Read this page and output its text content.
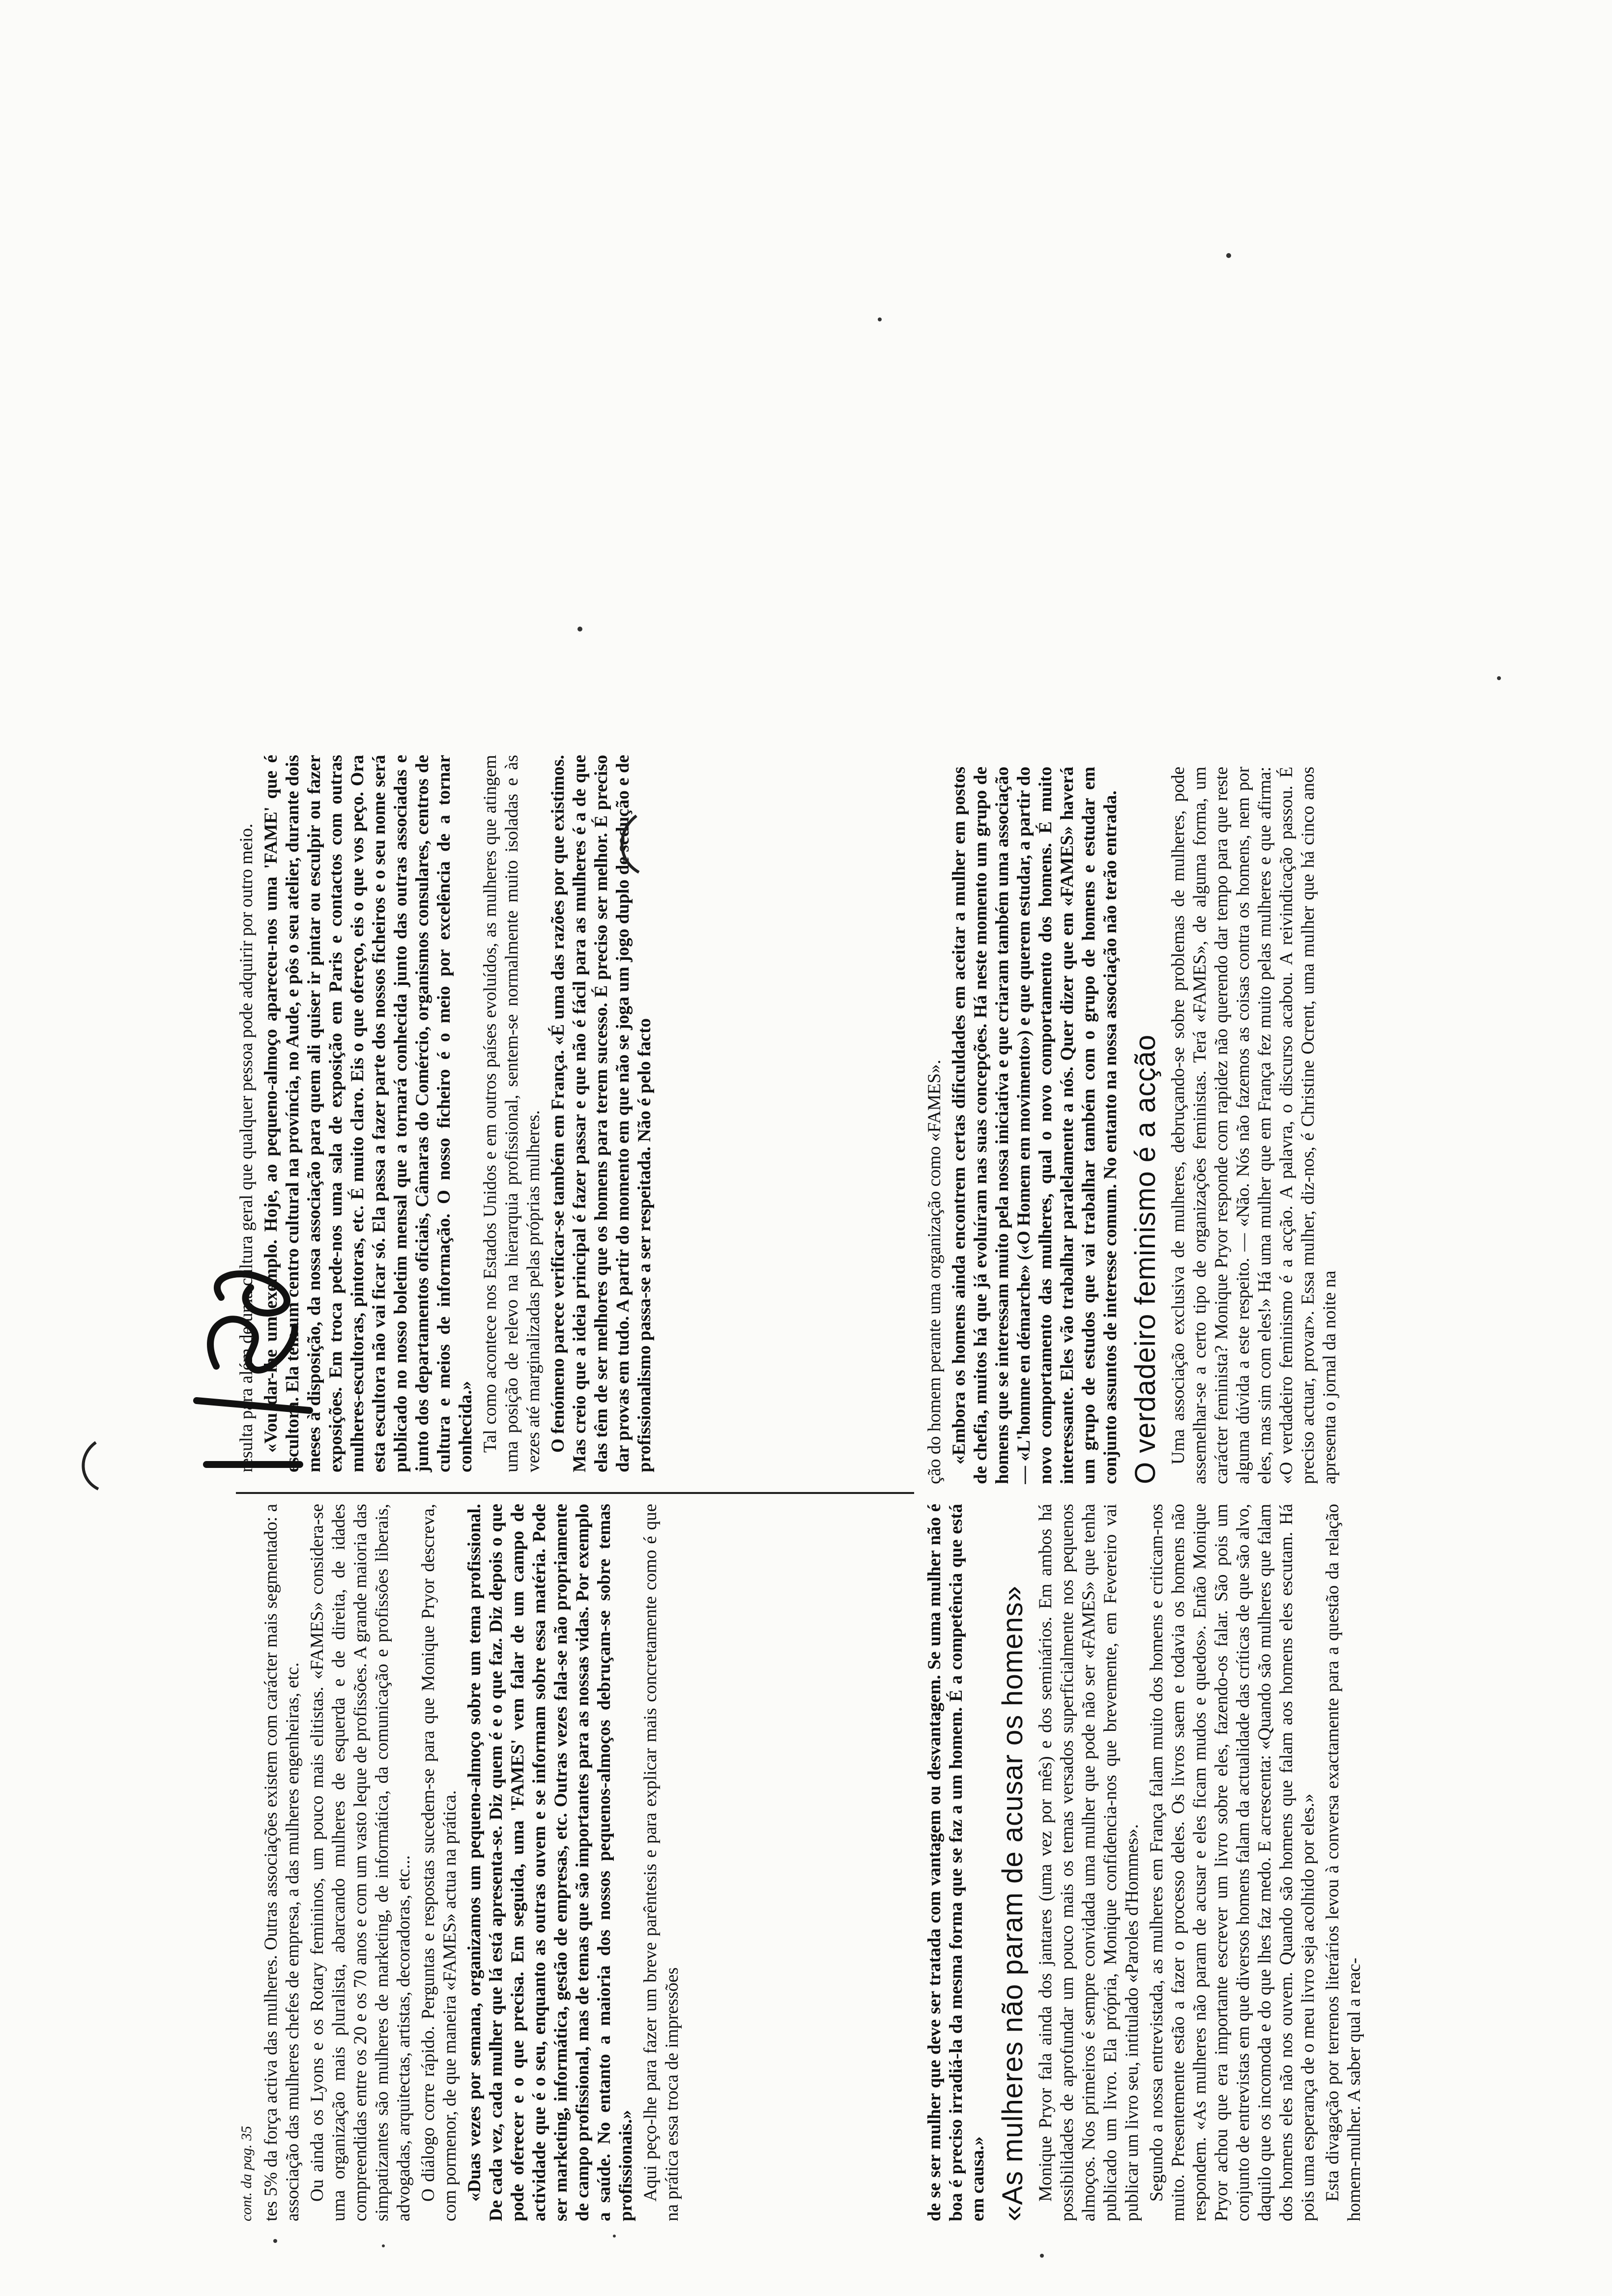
cont. da pag. 35 tes 5% da força activa das mulheres. Outras associações existem com carácter mais segmentado: a associação das mulheres chefes de empresa, a das mulheres engenheiras, etc. Ou ainda os Lyons e os Rotary femininos, um pouco mais elitistas. «FAMES» considera-se uma organização mais pluralista, abarcando mulheres de esquerda e de direita, de idades compreendidas entre os 20 e os 70 anos e com um vasto leque de profissões. A grande maioria das simpatizantes são mulheres de marketing, de informática, da comunicação e profissões liberais, advogadas, arquitectas, artistas, decoradoras, etc... O diálogo corre rápido. Perguntas e respostas sucedem-se para que Monique Pryor descreva, com pormenor, de que maneira «FAMES» actua na prática. «Duas vezes por semana, organizamos um pequeno-almoço sobre um tema profissional. De cada vez, cada mulher que lá está apresenta-se. Diz quem é e o que faz. Diz depois o que pode oferecer e o que precisa. Em seguida, uma 'FAMES' vem falar de um campo de actividade que é o seu, enquanto as outras ouvem e se informam sobre essa matéria. Pode ser marketing, informática, gestão de empresas, etc. Outras vezes fala-se não propriamente de campo profissional, mas de temas que são importantes para as nossas vidas. Por exemplo a saúde. No entanto a maioria dos nossos pequenos-almoços debruçam-se sobre temas profissionais.» Aqui peço-lhe para fazer um breve parêntesis e para explicar mais concretamente como é que na prática essa troca de impressões

resulta para além de uma cultura geral que qualquer pessoa pode adquirir por outro meio. «Vou dar-lhe um exemplo. Hoje, ao pequeno-almoço apareceu-nos uma 'FAME' que é escultora. Ela tem um centro cultural na província, no Aude, e pôs o seu atelier, durante dois meses à disposição, da nossa associação para quem ali quiser ir pintar ou esculpir ou fazer exposições. Em troca pede-nos uma sala de exposição em Paris e contactos com outras mulheres-escultoras, pintoras, etc. É muito claro. Eis o que ofereço, eis o que vos peço. Ora esta escultora não vai ficar só. Ela passa a fazer parte dos nossos ficheiros e o seu nome será publicado no nosso boletim mensal que a tornará conhecida junto das outras associadas e junto dos departamentos oficiais, Câmaras do Comércio, organismos consulares, centros de cultura e meios de informação. O nosso ficheiro é o meio por excelência de a tornar conhecida.» Tal como acontece nos Estados Unidos e em outros países evoluídos, as mulheres que atingem uma posição de relevo na hierarquia profissional, sentem-se normalmente muito isoladas e às vezes até marginalizadas pelas próprias mulheres. O fenómeno parece verificar-se também em França. «É uma das razões por que existimos. Mas creio que a ideia principal é fazer passar e que não é fácil para as mulheres é a de que elas têm de ser melhores que os homens para terem sucesso. É preciso ser melhor. É preciso dar provas em tudo. A partir do momento em que não se joga um jogo duplo de sedução e de profissionalismo passa-se a ser respeitada. Não é pelo facto

de se ser mulher que deve ser tratada com vantagem ou desvantagem. Se uma mulher não é boa é preciso irradiá-la da mesma forma que se faz a um homem. É a competência que está em causa.» «As mulheres não param de acusar os homens» Monique Pryor fala ainda dos jantares (uma vez por mês) e dos seminários. Em ambos há possibilidades de aprofundar um pouco mais os temas versados superficialmente nos pequenos almoços. Nos primeiros é sempre convidada uma mulher que pode não ser «FAMES» que tenha publicado um livro. Ela própria, Monique confidencia-nos que brevemente, em Fevereiro vai publicar um livro seu, intitulado «Paroles d'Hommes». Segundo a nossa entrevistada, as mulheres em França falam muito dos homens e criticam-nos muito. Presentemente estão a fazer o processo deles. Os livros saem e todavia os homens não respondem. «As mulheres não param de acusar e eles ficam mudos e quedos». Então Monique Pryor achou que era importante escrever um livro sobre eles, fazendo-os falar. São pois um conjunto de entrevistas em que diversos homens falam da actualidade das críticas de que são alvo, daquilo que os incomoda e do que lhes faz medo. E acrescenta: «Quando são mulheres que falam dos homens eles não nos ouvem. Quando são homens que falam aos homens eles escutam. Há pois uma esperança de o meu livro seja acolhido por eles.» Esta divagação por terrenos literários levou à conversa exactamente para a questão da relação homem-mulher. A saber qual a reac-

ção do homem perante uma organização como «FAMES». «Embora os homens ainda encontrem certas dificuldades em aceitar a mulher em postos de chefia, muitos há que já evoluíram nas suas concepções. Há neste momento um grupo de homens que se interessam muito pela nossa iniciativa e que criaram também uma associação — «L'homme en démarche» («O Homem em movimento») e que querem estudar, a partir do novo comportamento das mulheres, qual o novo comportamento dos homens. É muito interessante. Eles vão trabalhar paralelamente a nós. Quer dizer que em «FAMES» haverá um grupo de estudos que vai trabalhar também com o grupo de homens e estudar em conjunto assuntos de interesse comum. No entanto na nossa associação não terão entrada. O verdadeiro feminismo é a acção Uma associação exclusiva de mulheres, debruçando-se sobre problemas de mulheres, pode assemelhar-se a certo tipo de organizações feministas. Terá «FAMES», de alguma forma, um carácter feminista? Monique Pryor responde com rapidez não querendo dar tempo para que reste alguma dúvida a este respeito. — «Não. Nós não fazemos as coisas contra os homens, nem por eles, mas sim com eles!» Há uma mulher que em França fez muito pelas mulheres e que afirma: «O verdadeiro feminismo é a acção. A palavra, o discurso acabou. A reivindicação passou. É preciso actuar, provar». Essa mulher, diz-nos, é Christine Ocrent, uma mulher que há cinco anos apresenta o jornal da noite na
